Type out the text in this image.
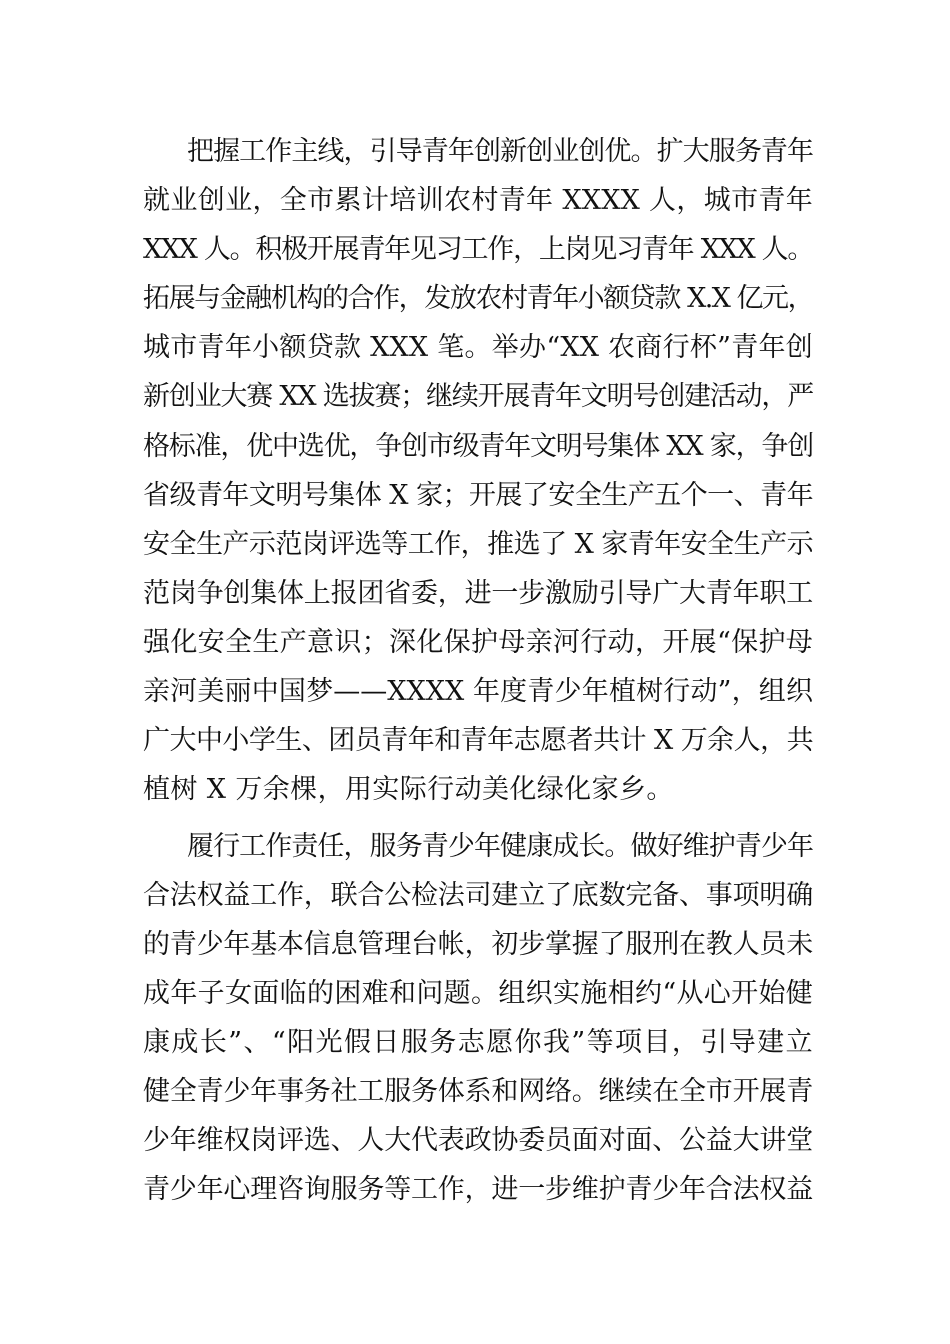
把握工作主线，引导青年创新创业创优。扩大服务青年
就业创业，全市累计培训农村青年 XXXX 人，城市青年
XXX 人。积极开展青年见习工作，上岗见习青年 XXX 人。
拓展与金融机构的合作，发放农村青年小额贷款 X.X 亿元，
城市青年小额贷款 XXX 笔。举办“XX 农商行杯”青年创
新创业大赛 XX 选拔赛；继续开展青年文明号创建活动，严
格标准，优中选优，争创市级青年文明号集体 XX 家，争创
省级青年文明号集体 X 家；开展了安全生产五个一、青年
安全生产示范岗评选等工作，推选了 X 家青年安全生产示
范岗争创集体上报团省委，进一步激励引导广大青年职工
强化安全生产意识；深化保护母亲河行动，开展“保护母
亲河美丽中国梦——XXXX 年度青少年植树行动”，组织
广大中小学生、团员青年和青年志愿者共计 X 万余人，共
植树 X 万余棵，用实际行动美化绿化家乡。
履行工作责任，服务青少年健康成长。做好维护青少年
合法权益工作，联合公检法司建立了底数完备、事项明确
的青少年基本信息管理台帐，初步掌握了服刑在教人员未
成年子女面临的困难和问题。组织实施相约“从心开始健
康成长”、“阳光假日服务志愿你我”等项目，引导建立
健全青少年事务社工服务体系和网络。继续在全市开展青
少年维权岗评选、人大代表政协委员面对面、公益大讲堂
青少年心理咨询服务等工作，进一步维护青少年合法权益
